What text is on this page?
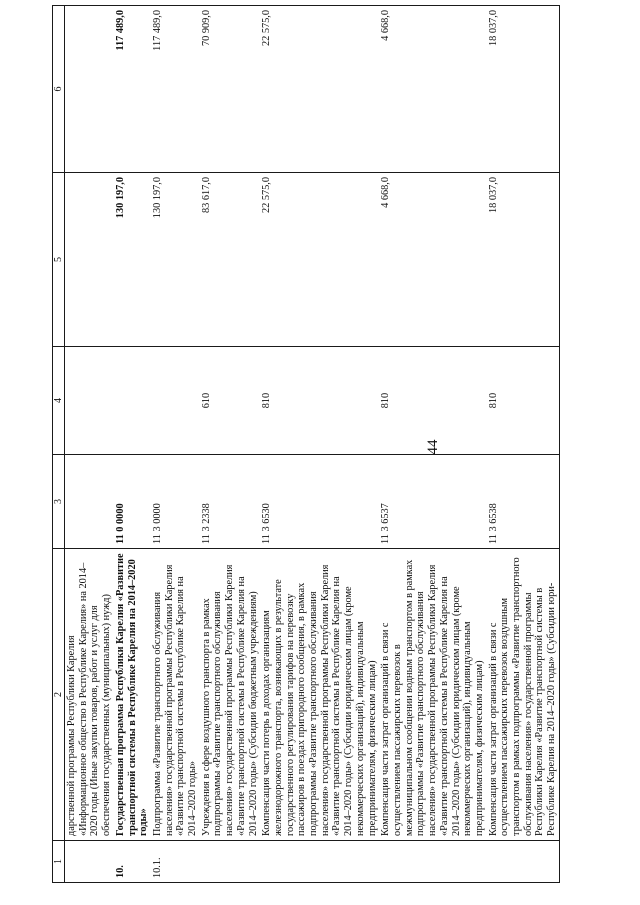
44
1	2	3	4	5	6
	дарственной программы Республики Карелия «Информационное общество в Республике Карелия» на 2014–2020 годы (Иные закупки товаров, работ и услуг для обеспечения государственных (муниципальных) нужд)				
10.	Государственная программа Республики Карелия «Развитие транспортной системы в Республике Карелия на 2014–2020 годы»	11 0 0000		130 197,0	117 489,0
10.1.	Подпрограмма «Развитие транспортного обслуживания населения» государственной программы Республики Карелия «Развитие транспортной системы в Республике Карелия на 2014–2020 годы»	11 3 0000		130 197,0	117 489,0
	Учреждения в сфере воздушного транспорта в рамках подпрограммы «Развитие транспортного обслуживания населения» государственной программы Республики Карелия «Развитие транспортной системы в Республике Карелия на 2014–2020 годы» (Субсидии бюджетным учреждениям)	11 3 2338	610	83 617,0	70 909,0
	Компенсация части потерь в доходах организациям железнодорожного транспорта, возникающих в результате государственного регулирования тарифов на перевозку пассажиров в поездах пригородного сообщения, в рамках подпрограммы «Развитие транспортного обслуживания населения» государственной программы Республики Карелия «Развитие транспортной системы в Республике Карелия на 2014–2020 годы» (Субсидии юридическим лицам (кроме некоммерческих организаций), индивидуальным предпринимателям, физическим лицам)	11 3 6530	810	22 575,0	22 575,0
	Компенсация части затрат организаций в связи с осуществлением пассажирских перевозок в межмуниципальном сообщении водным транспортом в рамках подпрограммы «Развитие транспортного обслуживания населения» государственной программы Республики Карелия «Развитие транспортной системы в Республике Карелия на 2014–2020 годы» (Субсидии юридическим лицам (кроме некоммерческих организаций), индивидуальным предпринимателям, физическим лицам)	11 3 6537	810	4 668,0	4 668,0
	Компенсация части затрат организаций в связи с осуществлением пассажирских перевозок воздушным транспортом в рамках подпрограммы «Развитие транспортного обслуживания населения» государственной программы Республики Карелия «Развитие транспортной системы в Республике Карелия на 2014–2020 годы» (Субсидии юри-	11 3 6538	810	18 037,0	18 037,0
